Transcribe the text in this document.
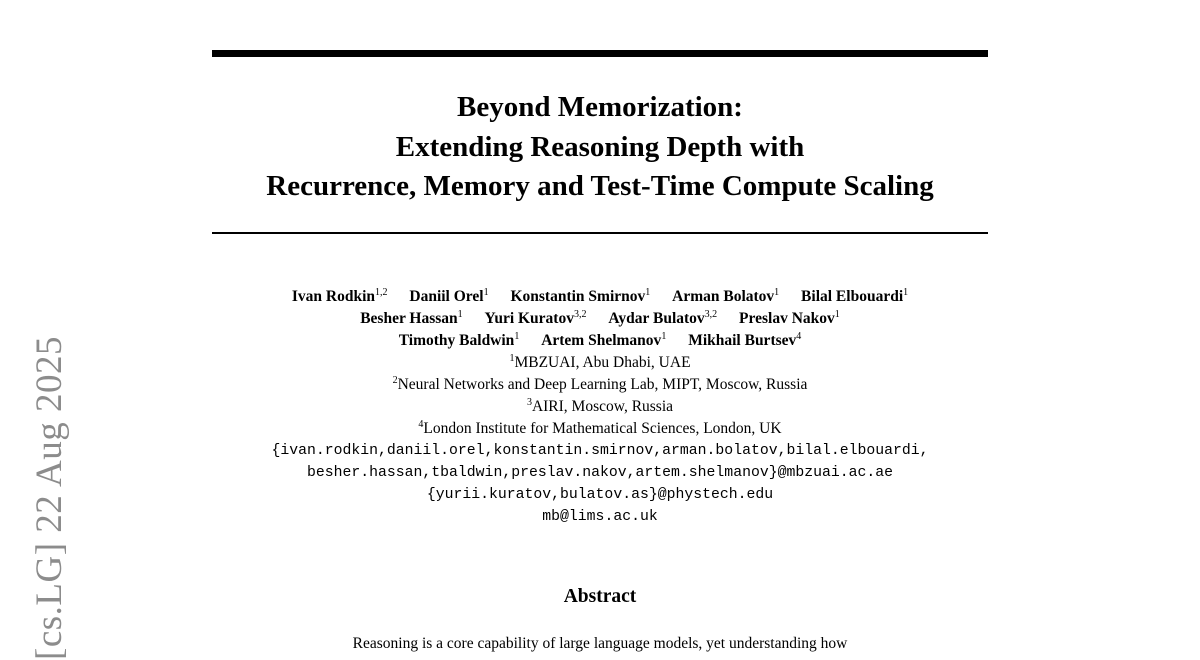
Beyond Memorization:
Extending Reasoning Depth with
Recurrence, Memory and Test-Time Compute Scaling
Ivan Rodkin$^{1,2}$ Daniil Orel$^1$ Konstantin Smirnov$^1$ Arman Bolatov$^1$ Bilal Elbouardi$^1$
Besher Hassan$^1$ Yuri Kuratov$^{3,2}$ Aydar Bulatov$^{3,2}$ Preslav Nakov$^1$
Timothy Baldwin$^1$ Artem Shelmanov$^1$ Mikhail Burtsev$^4$
$^1$MBZUAI, Abu Dhabi, UAE
$^2$Neural Networks and Deep Learning Lab, MIPT, Moscow, Russia
$^3$AIRI, Moscow, Russia
$^4$London Institute for Mathematical Sciences, London, UK
{ivan.rodkin,daniil.orel,konstantin.smirnov,arman.bolatov,bilal.elbouardi,
besher.hassan,tbaldwin,preslav.nakov,artem.shelmanov}@mbzuai.ac.ae
{yurii.kuratov,bulatov.as}@phystech.edu
mb@lims.ac.uk
Abstract
Reasoning is a core capability of large language models, yet understanding how
[cs.LG] 22 Aug 2025
